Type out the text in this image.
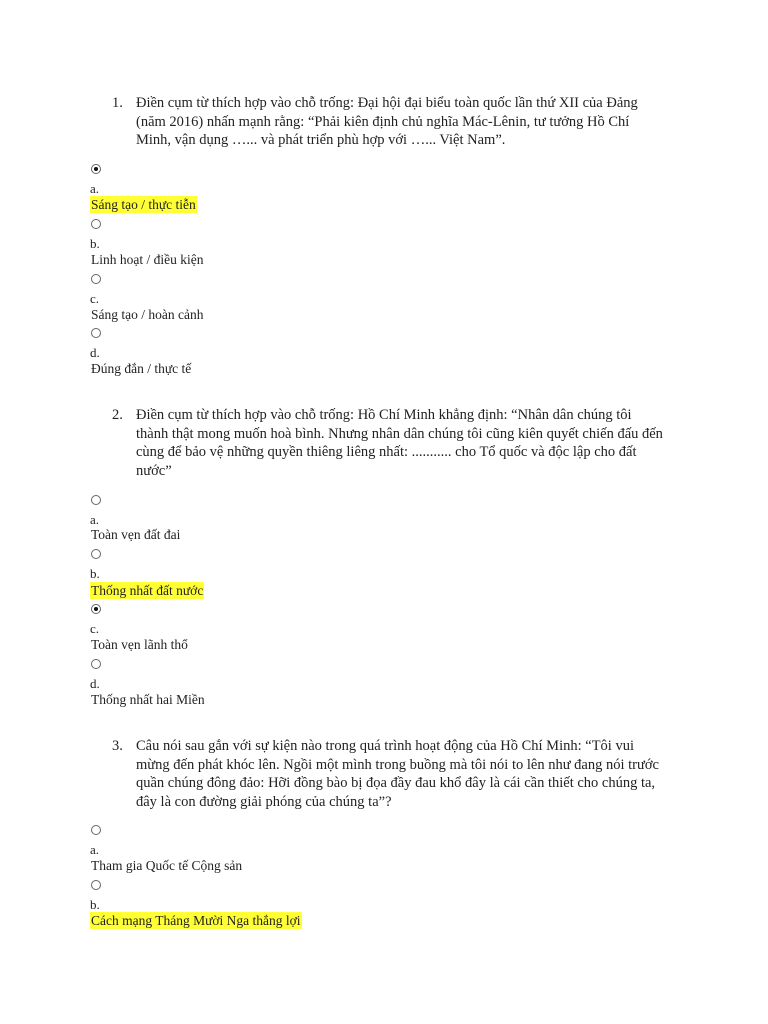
1. Điền cụm từ thích hợp vào chỗ trống: Đại hội đại biểu toàn quốc lần thứ XII của Đảng (năm 2016) nhấn mạnh rằng: “Phải kiên định chủ nghĩa Mác-Lênin, tư tưởng Hồ Chí Minh, vận dụng …... và phát triển phù hợp với …... Việt Nam”.
a.
Sáng tạo / thực tiễn
b.
Linh hoạt / điều kiện
c.
Sáng tạo / hoàn cảnh
d.
Đúng đắn / thực tế
2. Điền cụm từ thích hợp vào chỗ trống: Hồ Chí Minh khẳng định: “Nhân dân chúng tôi thành thật mong muốn hoà bình. Nhưng nhân dân chúng tôi cũng kiên quyết chiến đấu đến cùng để bảo vệ những quyền thiêng liêng nhất: ........... cho Tổ quốc và độc lập cho đất nước”
a.
Toàn vẹn đất đai
b.
Thống nhất đất nước
c.
Toàn vẹn lãnh thổ
d.
Thống nhất hai Miền
3. Câu nói sau gắn với sự kiện nào trong quá trình hoạt động của Hồ Chí Minh: “Tôi vui mừng đến phát khóc lên. Ngồi một mình trong buồng mà tôi nói to lên như đang nói trước quần chúng đông đảo: Hỡi đồng bào bị đọa đầy đau khổ đây là cái cần thiết cho chúng ta, đây là con đường giải phóng của chúng ta”?
a.
Tham gia Quốc tế Cộng sản
b.
Cách mạng Tháng Mười Nga thắng lợi
